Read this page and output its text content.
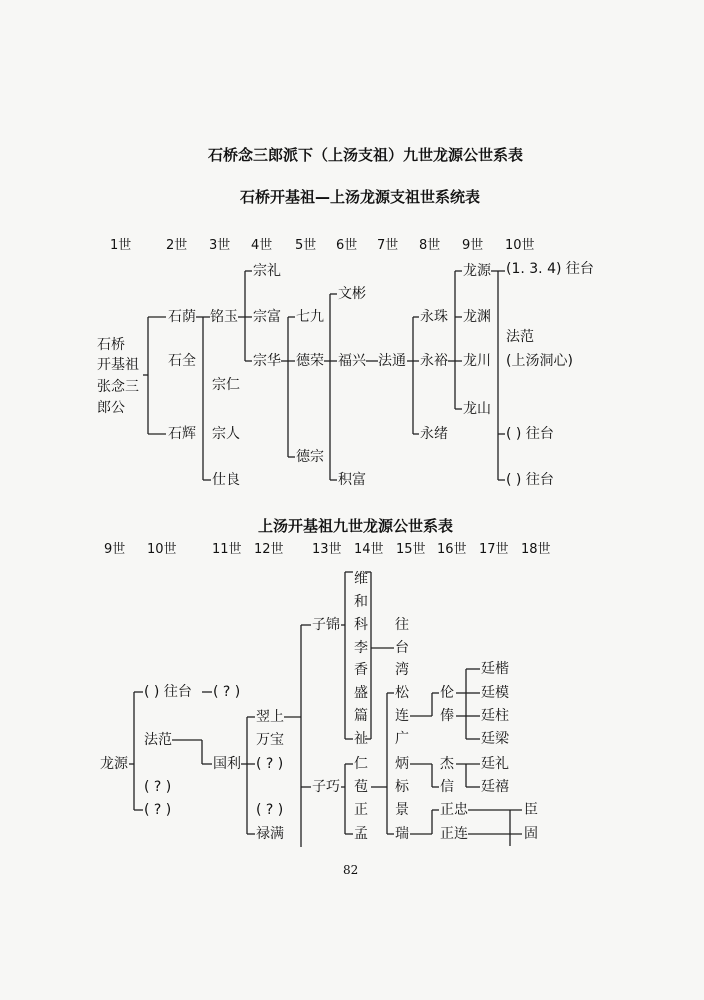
石桥念三郎派下（上汤支祖）九世龙源公世系表
石桥开基祖—上汤龙源支祖世系统表
上汤开基祖九世龙源公世系表
1世	2世 3世 4世 5世 6世 7世 8世 9世 10世
石桥
开基祖
张念三
郎公
石荫
石全
石辉
铭玉
宗仁
宗人
仕良
宗礼
宗富
宗华
七九
德荣
德宗
文彬
福兴
积富
法通
永珠
永裕
永绪
龙源
龙渊
龙川
龙山
(1. 3. 4) 往台
法范
(上汤洞心)
( ) 往台
( ) 往台
9世 10世	11世 12世 13世 14世 15世 16世 17世 18世
龙源
( ) 往台
法范
( ? )
( ? )
( ? )
国利
翌上
万宝
( ? )
( ? )
禄满
子锦
子巧
维
和
科
李
香
盛
篇
祉
仁
苞
正
孟
往
台
湾
松
连
广
炳
标
景
瑞
伦
俸
杰
信
正忠
正连
廷楷
廷模
廷柱
廷梁
廷礼
廷禧
臣
固
82
